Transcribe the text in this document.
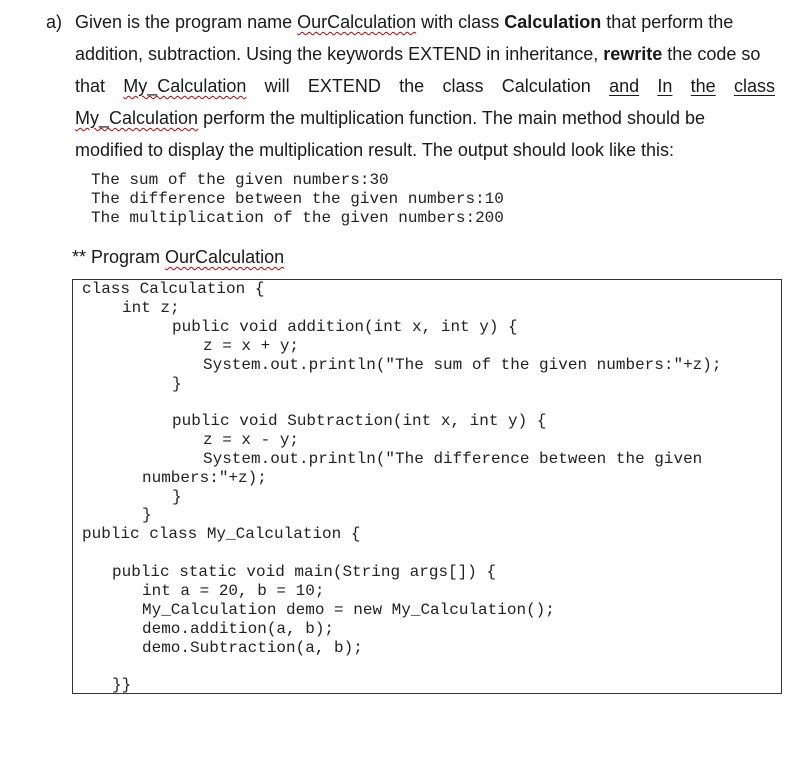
a) Given is the program name OurCalculation with class Calculation that perform the
addition, subtraction. Using the keywords EXTEND in inheritance, rewrite the code so
that My_Calculation will EXTEND the class Calculation and In the class
My_Calculation perform the multiplication function. The main method should be
modified to display the multiplication result. The output should look like this:
The sum of the given numbers:30
The difference between the given numbers:10
The multiplication of the given numbers:200
** Program OurCalculation
class Calculation {
int z;
public void addition(int x, int y) {
z = x + y;
System.out.println("The sum of the given numbers:"+z);
}
public void Subtraction(int x, int y) {
z = x - y;
System.out.println("The difference between the given
numbers:"+z);
}
}
public class My_Calculation {
public static void main(String args[]) {
int a = 20, b = 10;
My_Calculation demo = new My_Calculation();
demo.addition(a, b);
demo.Subtraction(a, b);
}}
